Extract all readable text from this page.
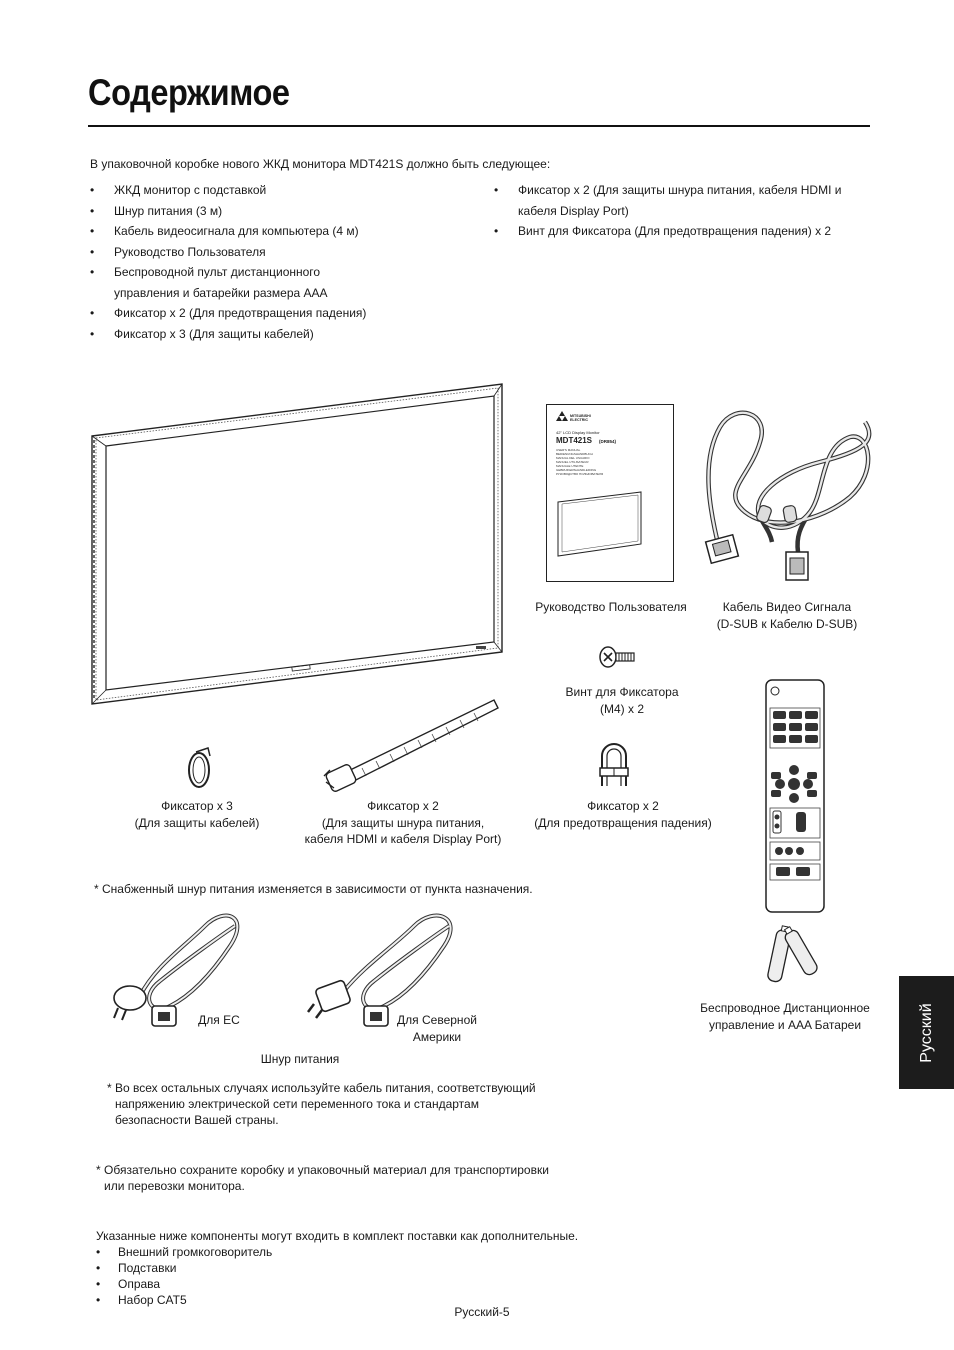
Содержимое
В упаковочной коробке нового ЖКД монитора MDT421S должно быть следующее:
• ЖКД монитор с подставкой
• Шнур питания (3 м)
• Кабель видеосигнала для компьютера (4 м)
• Руководство Пользователя
• Беспроводной пульт дистанционного управления и батарейки размера AAA
• Фиксатор x 2 (Для предотвращения падения)
• Фиксатор x 3 (Для защиты кабелей)
• Фиксатор x 2 (Для защиты шнура питания, кабеля HDMI и кабеля Display Port)
• Винт для Фиксатора (Для предотвращения падения) x 2
MITSUBISHI
ELECTRIC
42" LCD Display Monitor
MDT421S (DR854)
USER'S MANUAL
BEDIENUNGSHANDBUCH
MANUAL DEL USUARIO
MANUEL UTILISATEUR
MANUALE UTENTE
GEBRUIKERSHANDLEIDING
РУКОВОДСТВО ПОЛЬЗОВАТЕЛЯ
Руководство Пользователя	Кабель Видео Сигнала
(D-SUB к Кабелю D-SUB)
Винт для Фиксатора
(M4) x 2
Беспроводное Дистанционное
управление и AAA Батареи
Фиксатор x 3
(Для защиты кабелей)
Фиксатор x 2
(Для защиты шнура питания,
кабеля HDMI и кабеля Display Port)
Фиксатор x 2
(Для предотвращения падения)
* Снабженный шнур питания изменяется в зависимости от пункта назначения.
Для ЕС	Для Северной
Америки
Шнур питания
* Во всех остальных случаях используйте кабель питания, соответствующий
напряжению электрической сети переменного тока и стандартам
безопасности Вашей страны.
* Обязательно сохраните коробку и упаковочный материал для транспортировки
или перевозки монитора.
Указанные ниже компоненты могут входить в комплект поставки как дополнительные.
• Внешний громкоговоритель
• Подставки
• Оправа
• Набор CAT5
Русский-5
Русский
